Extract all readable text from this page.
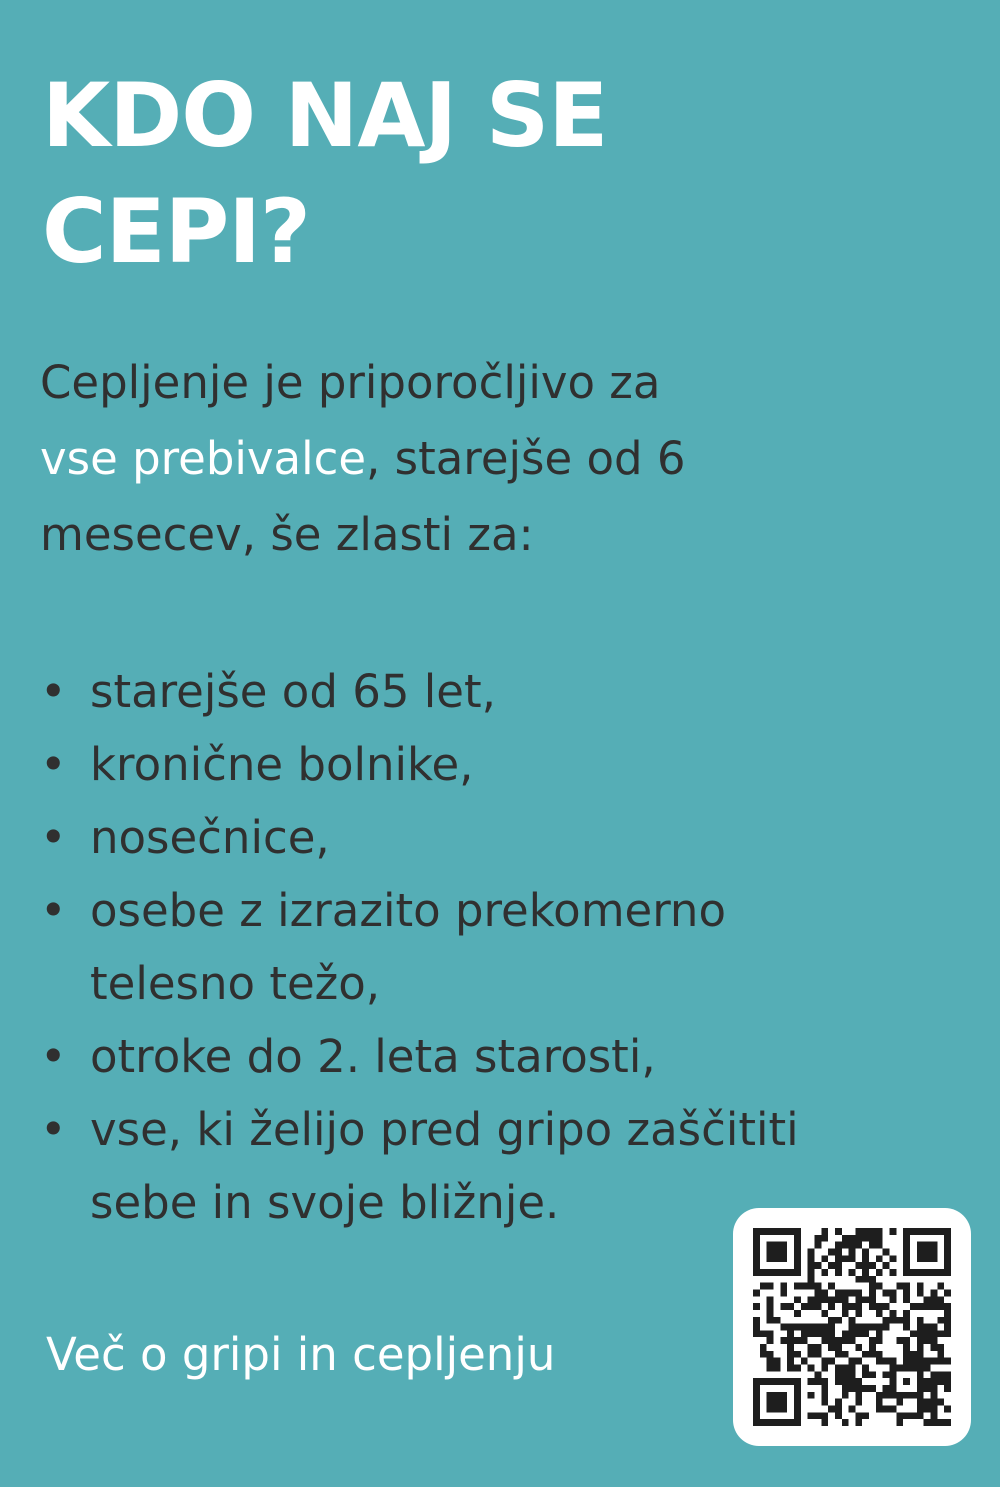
KDO NAJ SE
CEPI?

Cepljenje je priporočljivo za
vse prebivalce, starejše od 6
mesecev, še zlasti za:

• starejše od 65 let,
• kronične bolnike,
• nosečnice,
• osebe z izrazito prekomerno
telesno težo,
• otroke do 2. leta starosti,
• vse, ki želijo pred gripo zaščititi
sebe in svoje bližnje.
Več o gripi in cepljenju
